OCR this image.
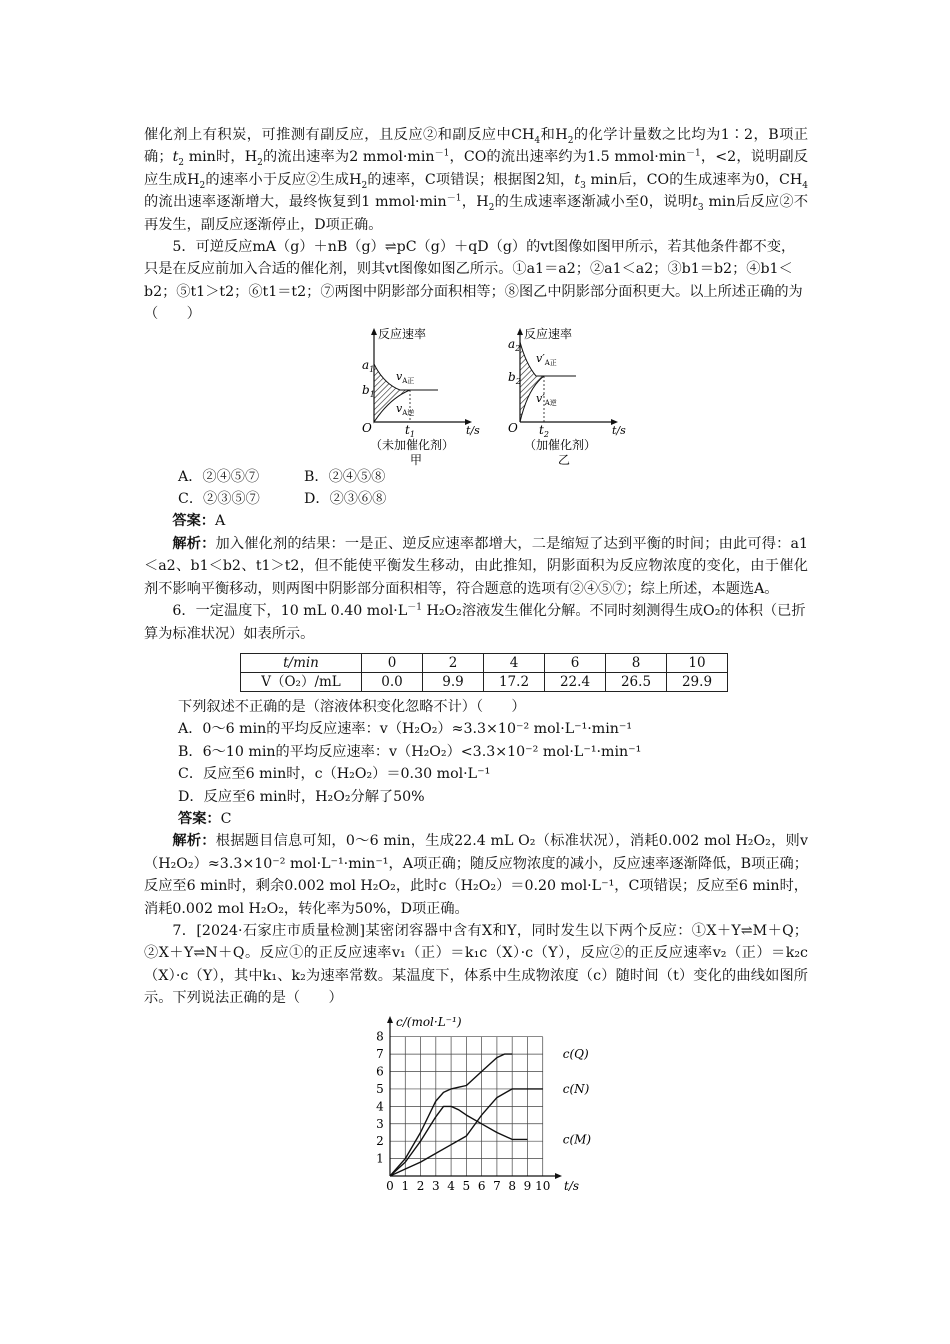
催化剂上有积炭，可推测有副反应，且反应②和副反应中$CH_4$和$H_2$的化学计量数之比均为1∶2，B项正确；$t_2$ min时，$H_2$的流出速率为2 $mmol\cdot\min^{-1}$，CO的流出速率约为1.5 $mmol\cdot\min^{-1}$，<2，说明副反应生成$H_2$的速率小于反应②生成$H_2$的速率，C项错误；根据图2知，$t_3$ min后，CO的生成速率为0，$CH_4$的流出速率逐渐增大，最终恢复到1 $mmol\cdot\min^{-1}$，$H_2$的生成速率逐渐减小至0，说明$t_3$ min后反应②不再发生，副反应逐渐停止，D项正确。

5．可逆反应mA（g）＋nB（g）⇌pC（g）＋qD（g）的vt图像如图甲所示，若其他条件都不变，只是在反应前加入合适的催化剂，则其vt图像如图乙所示。①a1＝a2；②a1＜a2；③b1＝b2；④b1＜b2；⑤t1＞t2；⑥t1＝t2；⑦两图中阴影部分面积相等；⑧图乙中阴影部分面积更大。以上所述正确的为（　　）

反应速率
$a_1$
$b_1$
$v_{A正}$
$v_{A逆}$
O	$t_1$	t/s
（未加催化剂）
甲
反应速率
$a_2$
$b_2$
$v'_{A正}$
$v'_{A逆}$
O $t_2$	t/s
（加催化剂）
乙
A．②④⑤⑦	B．②④⑤⑧
C．②③⑤⑦	D．②③⑥⑧

答案：A

解析：加入催化剂的结果：一是正、逆反应速率都增大，二是缩短了达到平衡的时间；由此可得：a1＜a2、b1＜b2、t1＞t2，但不能使平衡发生移动，由此推知，阴影面积为反应物浓度的变化，由于催化剂不影响平衡移动，则两图中阴影部分面积相等，符合题意的选项有②④⑤⑦；综上所述，本题选A。

6．一定温度下，10 mL 0.40 $mol\cdot L^{-1}$ H₂O₂溶液发生催化分解。不同时刻测得生成O₂的体积（已折算为标准状况）如表所示。

t/min	0	2	4	6	8	10
V（O₂）/mL	0.0	9.9	17.2	22.4	26.5	29.9

下列叙述不正确的是（溶液体积变化忽略不计）（　　）

A．0～6 min的平均反应速率：v（H₂O₂）≈3.3×10⁻² mol·L⁻¹·min⁻¹

B．6～10 min的平均反应速率：v（H₂O₂）<3.3×10⁻² mol·L⁻¹·min⁻¹

C．反应至6 min时，c（H₂O₂）＝0.30 mol·L⁻¹

D．反应至6 min时，H₂O₂分解了50%

答案：C

解析：根据题目信息可知，0～6 min，生成22.4 mL O₂（标准状况），消耗0.002 mol H₂O₂，则v（H₂O₂）≈3.3×10⁻² mol·L⁻¹·min⁻¹，A项正确；随反应物浓度的减小，反应速率逐渐降低，B项正确；反应至6 min时，剩余0.002 mol H₂O₂，此时c（H₂O₂）＝0.20 mol·L⁻¹，C项错误；反应至6 min时，消耗0.002 mol H₂O₂，转化率为50%，D项正确。

7．[2024·石家庄市质量检测]某密闭容器中含有X和Y，同时发生以下两个反应：①X＋Y⇌M＋Q；②X＋Y⇌N＋Q。反应①的正反应速率v₁（正）＝k₁c（X）·c（Y），反应②的正反应速率v₂（正）＝k₂c（X）·c（Y），其中k₁、k₂为速率常数。某温度下，体系中生成物浓度（c）随时间（t）变化的曲线如图所示。下列说法正确的是（　　）

0 1 2 3 4 5 6 7 8 9 10
1
2
3
4
5
6
7
8
c/(mol·L⁻¹)
t/s
c(Q)
c(N)
c(M)
